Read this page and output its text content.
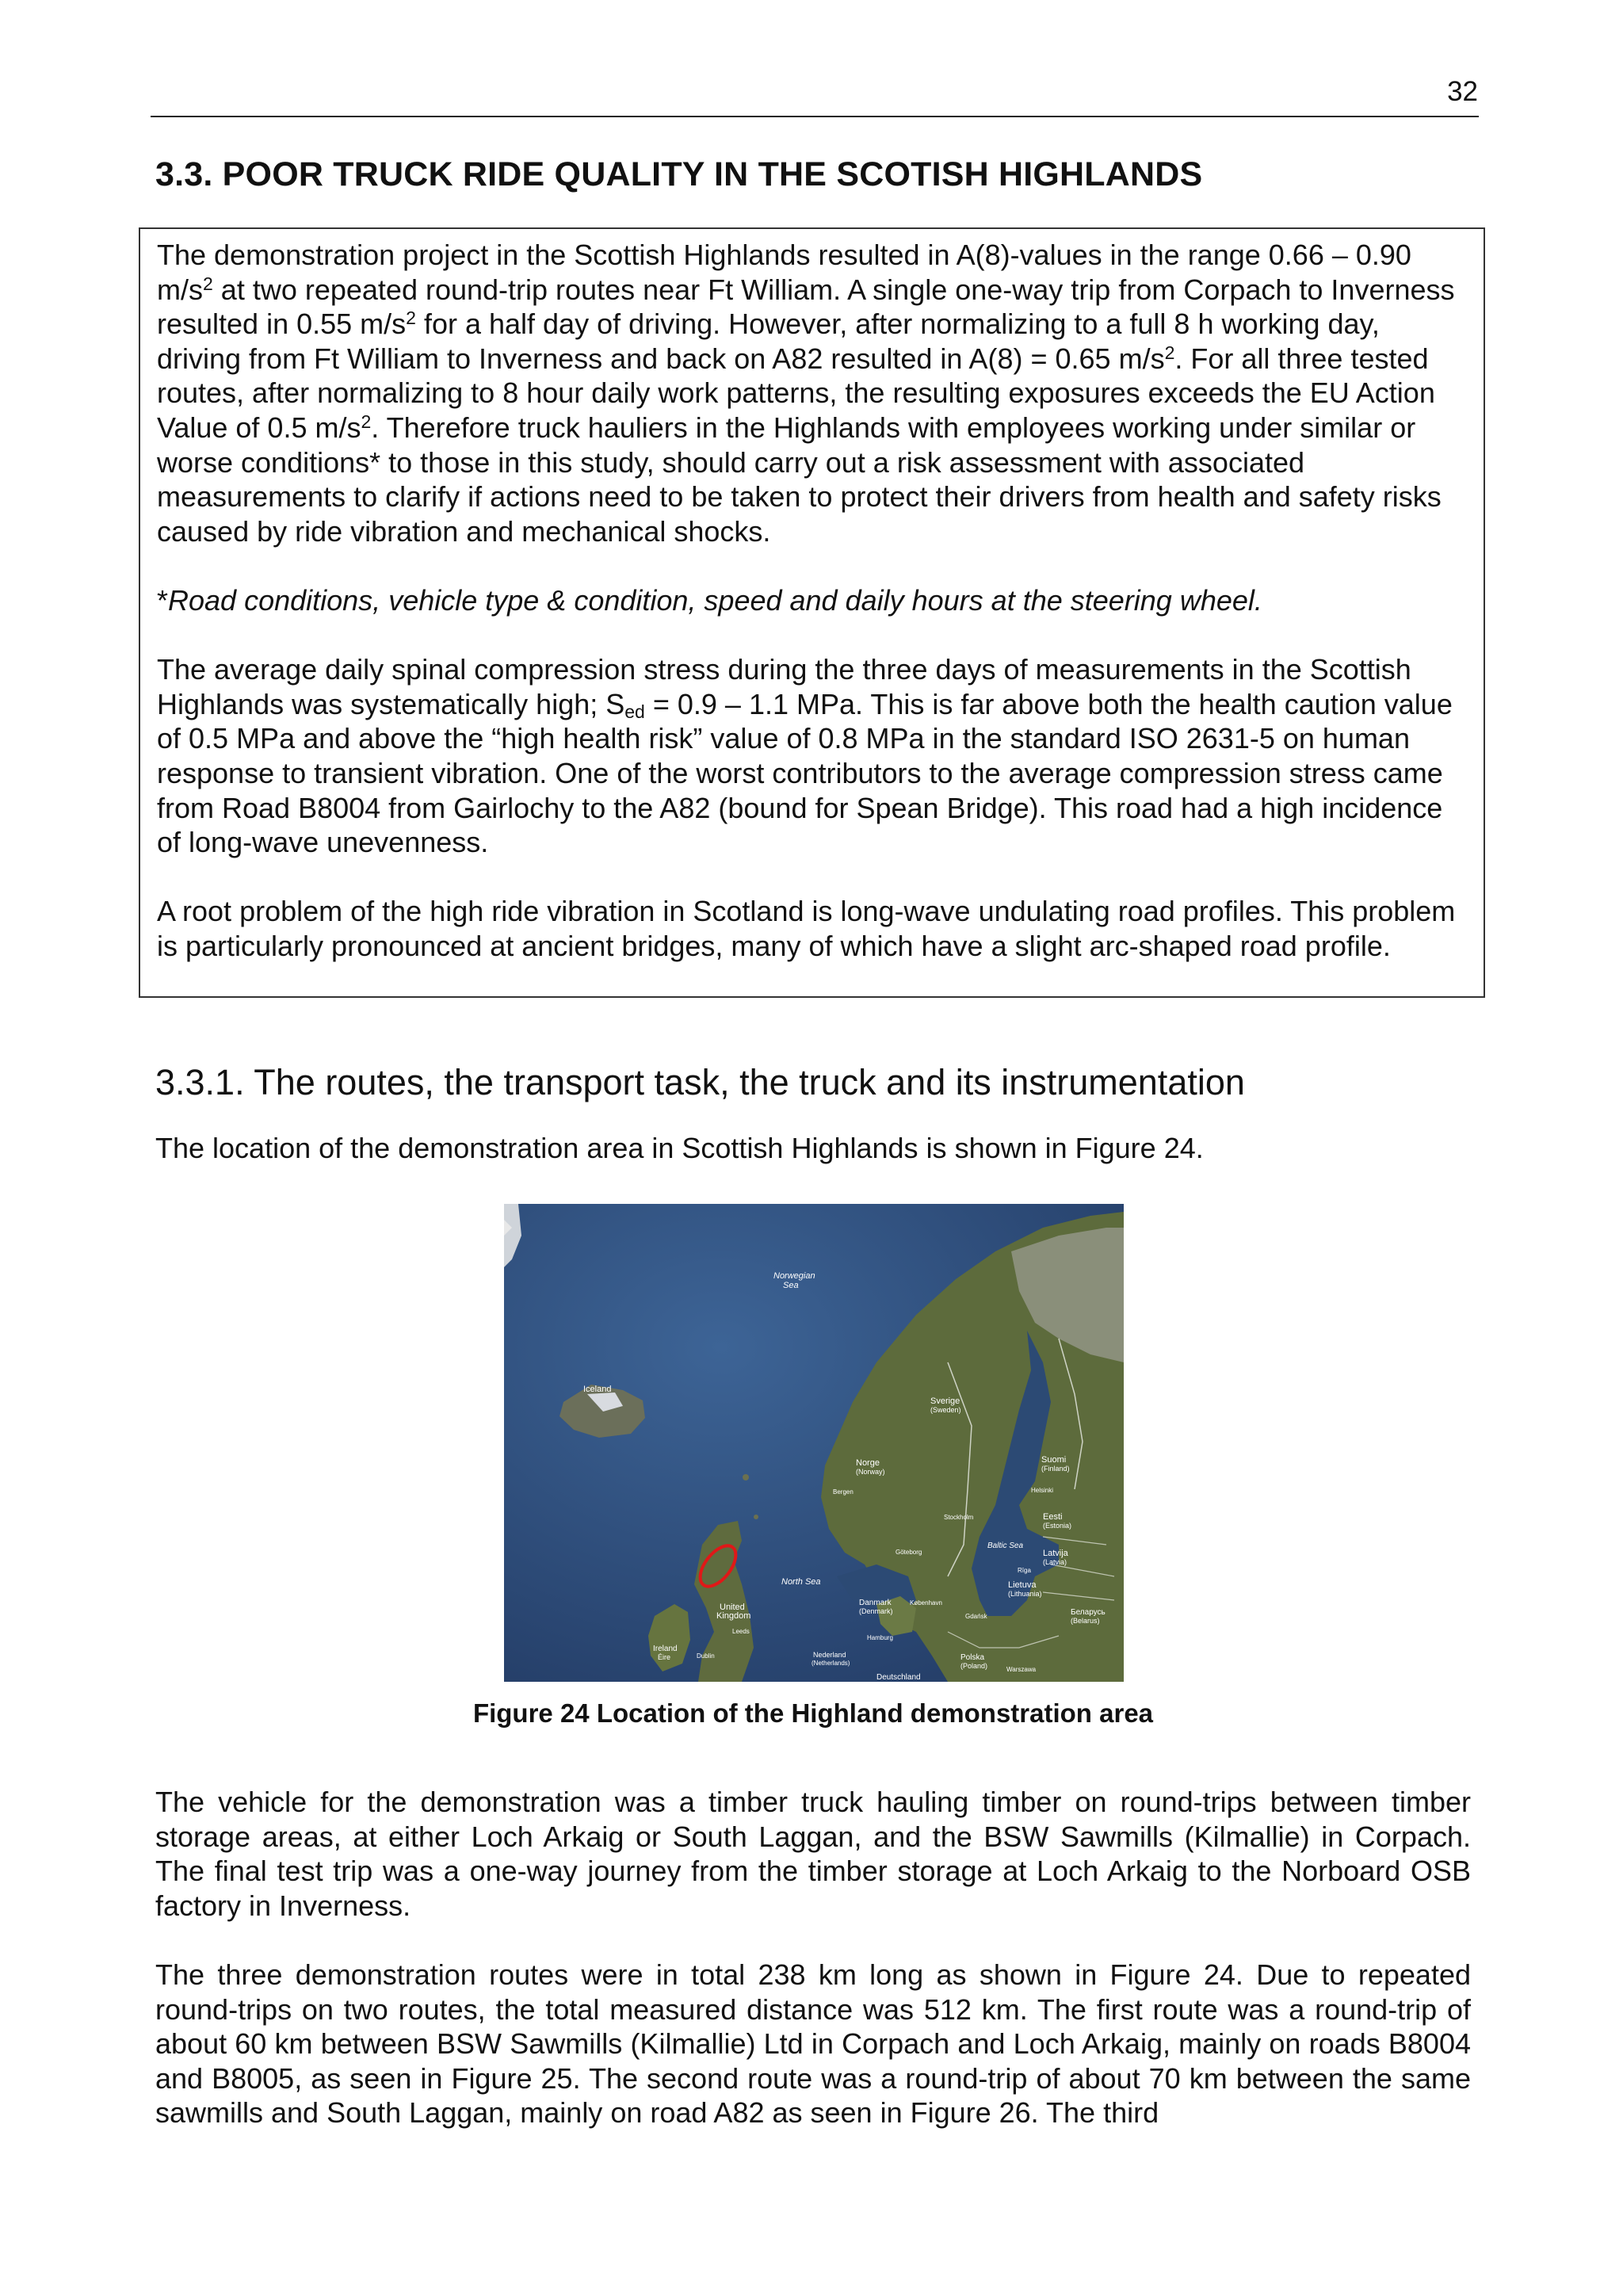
32
3.3. POOR TRUCK RIDE QUALITY IN THE SCOTISH HIGHLANDS

The demonstration project in the Scottish Highlands resulted in A(8)-values in the range 0.66 – 0.90 $m/s^2$ at two repeated round-trip routes near Ft William. A single one-way trip from Corpach to Inverness resulted in 0.55 $m/s^2$ for a half day of driving. However, after normalizing to a full 8 h working day, driving from Ft William to Inverness and back on A82 resulted in A(8) = 0.65 $m/s^2$. For all three tested routes, after normalizing to 8 hour daily work patterns, the resulting exposures exceeds the EU Action Value of 0.5 $m/s^2$. Therefore truck hauliers in the Highlands with employees working under similar or worse conditions* to those in this study, should carry out a risk assessment with associated measurements to clarify if actions need to be taken to protect their drivers from health and safety risks caused by ride vibration and mechanical shocks.

*Road conditions, vehicle type & condition, speed and daily hours at the steering wheel.

The average daily spinal compression stress during the three days of measurements in the Scottish Highlands was systematically high; $S_{ed} = 0.9 - 1.1$ MPa. This is far above both the health caution value of 0.5 MPa and above the “high health risk” value of 0.8 MPa in the standard ISO 2631-5 on human response to transient vibration. One of the worst contributors to the average compression stress came from Road B8004 from Gairlochy to the A82 (bound for Spean Bridge). This road had a high incidence of long-wave unevenness.

A root problem of the high ride vibration in Scotland is long-wave undulating road profiles. This problem is particularly pronounced at ancient bridges, many of which have a slight arc-shaped road profile.

3.3.1. The routes, the transport task, the truck and its instrumentation

The location of the demonstration area in Scottish Highlands is shown in Figure 24.

Norwegian
Sea
Iceland
Sverige
(Sweden)
Norge
(Norway)
Suomi
(Finland)
Eesti
(Estonia)
Latvija
(Latvia)
Lietuva
(Lithuania)
Беларусь
(Belarus)
North Sea
Baltic Sea
Danmark
(Denmark)
United
Kingdom
Ireland
Éire	Nederland
(Netherlands)
Polska
(Poland)
Deutschland
Stockholm
Bergen
Göteborg
København
Hamburg
Dublin
Leeds
Warszawa
Gdańsk
Helsinki
Rīga

Figure 24 Location of the Highland demonstration area

The vehicle for the demonstration was a timber truck hauling timber on round-trips between timber storage areas, at either Loch Arkaig or South Laggan, and the BSW Sawmills (Kilmallie) in Corpach. The final test trip was a one-way journey from the timber storage at Loch Arkaig to the Norboard OSB factory in Inverness.

The three demonstration routes were in total 238 km long as shown in Figure 24. Due to repeated round-trips on two routes, the total measured distance was 512 km. The first route was a round-trip of about 60 km between BSW Sawmills (Kilmallie) Ltd in Corpach and Loch Arkaig, mainly on roads B8004 and B8005, as seen in Figure 25. The second route was a round-trip of about 70 km between the same sawmills and South Laggan, mainly on road A82 as seen in Figure 26. The third
